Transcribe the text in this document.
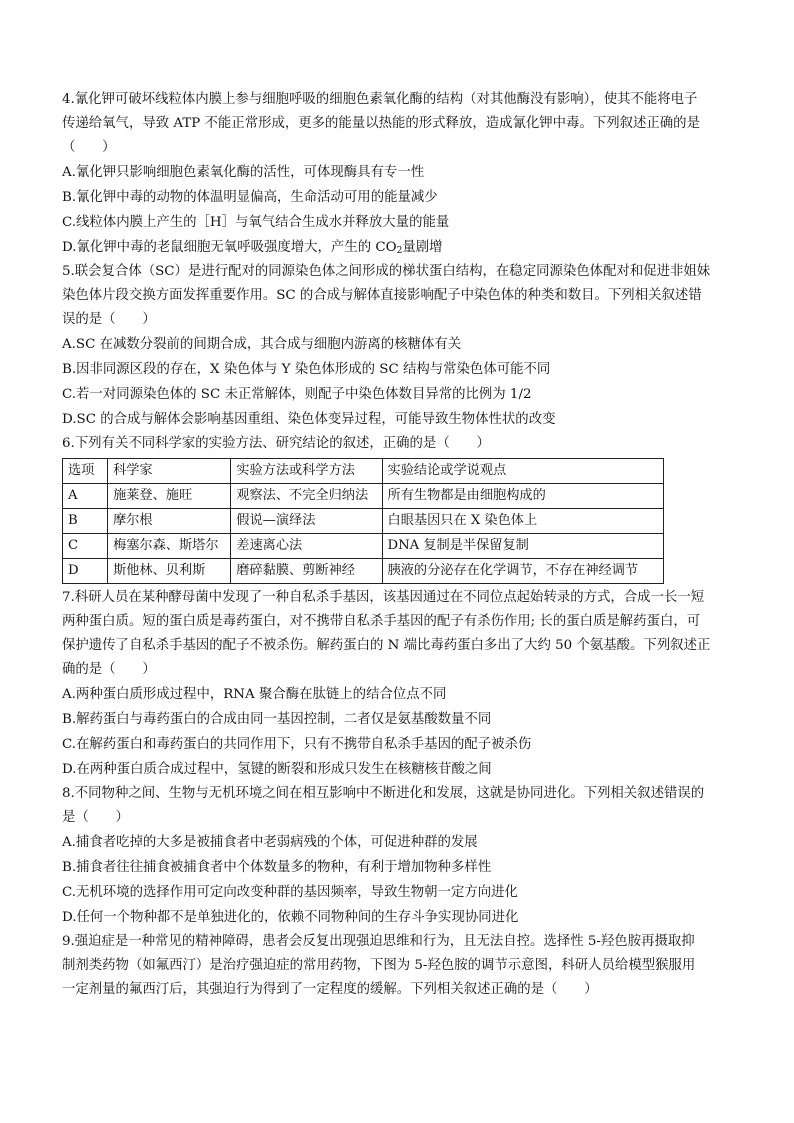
4.氰化钾可破坏线粒体内膜上参与细胞呼吸的细胞色素氧化酶的结构（对其他酶没有影响），使其不能将电子
传递给氧气，导致 ATP 不能正常形成，更多的能量以热能的形式释放，造成氰化钾中毒。下列叙述正确的是
（　　）
A.氰化钾只影响细胞色素氧化酶的活性，可体现酶具有专一性
B.氰化钾中毒的动物的体温明显偏高，生命活动可用的能量减少
C.线粒体内膜上产生的［H］与氧气结合生成水并释放大量的能量
D.氰化钾中毒的老鼠细胞无氧呼吸强度增大，产生的 $CO_2$量剧增
5.联会复合体（SC）是进行配对的同源染色体之间形成的梯状蛋白结构，在稳定同源染色体配对和促进非姐妹
染色体片段交换方面发挥重要作用。SC 的合成与解体直接影响配子中染色体的种类和数目。下列相关叙述错
误的是（　　）
A.SC 在减数分裂前的间期合成，其合成与细胞内游离的核糖体有关
B.因非同源区段的存在，X 染色体与 Y 染色体形成的 SC 结构与常染色体可能不同
C.若一对同源染色体的 SC 未正常解体，则配子中染色体数目异常的比例为 1/2
D.SC 的合成与解体会影响基因重组、染色体变异过程，可能导致生物体性状的改变
6.下列有关不同科学家的实验方法、研究结论的叙述，正确的是（　　）
选项	科学家	实验方法或科学方法	实验结论或学说观点
A	施莱登、施旺	观察法、不完全归纳法	所有生物都是由细胞构成的
B	摩尔根	假说—演绎法	白眼基因只在 X 染色体上
C	梅塞尔森、斯塔尔	差速离心法	DNA 复制是半保留复制
D	斯他林、贝利斯	磨碎黏膜、剪断神经	胰液的分泌存在化学调节，不存在神经调节
7.科研人员在某种酵母菌中发现了一种自私杀手基因，该基因通过在不同位点起始转录的方式，合成一长一短
两种蛋白质。短的蛋白质是毒药蛋白，对不携带自私杀手基因的配子有杀伤作用; 长的蛋白质是解药蛋白，可
保护遗传了自私杀手基因的配子不被杀伤。解药蛋白的 N 端比毒药蛋白多出了大约 50 个氨基酸。下列叙述正
确的是（　　）
A.两种蛋白质形成过程中，RNA 聚合酶在肽链上的结合位点不同
B.解药蛋白与毒药蛋白的合成由同一基因控制，二者仅是氨基酸数量不同
C.在解药蛋白和毒药蛋白的共同作用下，只有不携带自私杀手基因的配子被杀伤
D.在两种蛋白质合成过程中，氢键的断裂和形成只发生在核糖核苷酸之间
8.不同物种之间、生物与无机环境之间在相互影响中不断进化和发展，这就是协同进化。下列相关叙述错误的
是（　　）
A.捕食者吃掉的大多是被捕食者中老弱病残的个体，可促进种群的发展
B.捕食者往往捕食被捕食者中个体数量多的物种，有利于增加物种多样性
C.无机环境的选择作用可定向改变种群的基因频率，导致生物朝一定方向进化
D.任何一个物种都不是单独进化的，依赖不同物种间的生存斗争实现协同进化
9.强迫症是一种常见的精神障碍，患者会反复出现强迫思维和行为，且无法自控。选择性 5-羟色胺再摄取抑
制剂类药物（如氟西汀）是治疗强迫症的常用药物，下图为 5-羟色胺的调节示意图，科研人员给模型猴服用
一定剂量的氟西汀后，其强迫行为得到了一定程度的缓解。下列相关叙述正确的是（　　）
